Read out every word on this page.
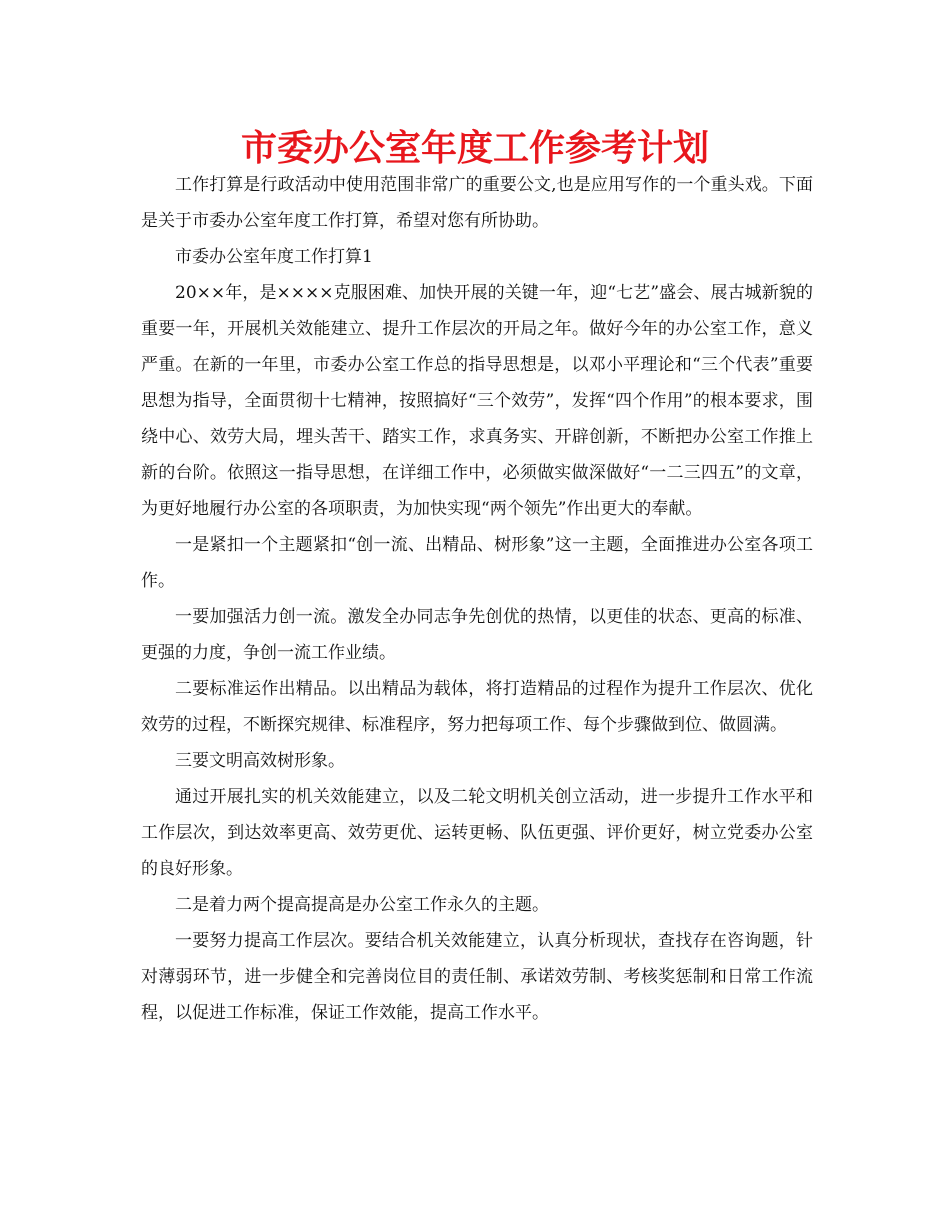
市委办公室年度工作参考计划

工作打算是行政活动中使用范围非常广的重要公文,也是应用写作的一个重头戏。下面是关于市委办公室年度工作打算，希望对您有所协助。

市委办公室年度工作打算1

20××年，是××××克服困难、加快开展的关键一年，迎“七艺”盛会、展古城新貌的重要一年，开展机关效能建立、提升工作层次的开局之年。做好今年的办公室工作，意义严重。在新的一年里，市委办公室工作总的指导思想是，以邓小平理论和“三个代表”重要思想为指导，全面贯彻十七精神，按照搞好“三个效劳”，发挥“四个作用”的根本要求，围绕中心、效劳大局，埋头苦干、踏实工作，求真务实、开辟创新，不断把办公室工作推上新的台阶。依照这一指导思想，在详细工作中，必须做实做深做好“一二三四五”的文章，为更好地履行办公室的各项职责，为加快实现“两个领先”作出更大的奉献。

一是紧扣一个主题紧扣“创一流、出精品、树形象”这一主题，全面推进办公室各项工作。

一要加强活力创一流。激发全办同志争先创优的热情，以更佳的状态、更高的标准、更强的力度，争创一流工作业绩。

二要标准运作出精品。以出精品为载体，将打造精品的过程作为提升工作层次、优化效劳的过程，不断探究规律、标准程序，努力把每项工作、每个步骤做到位、做圆满。

三要文明高效树形象。

通过开展扎实的机关效能建立，以及二轮文明机关创立活动，进一步提升工作水平和工作层次，到达效率更高、效劳更优、运转更畅、队伍更强、评价更好，树立党委办公室的良好形象。

二是着力两个提高提高是办公室工作永久的主题。

一要努力提高工作层次。要结合机关效能建立，认真分析现状，查找存在咨询题，针对薄弱环节，进一步健全和完善岗位目的责任制、承诺效劳制、考核奖惩制和日常工作流程，以促进工作标准，保证工作效能，提高工作水平。
